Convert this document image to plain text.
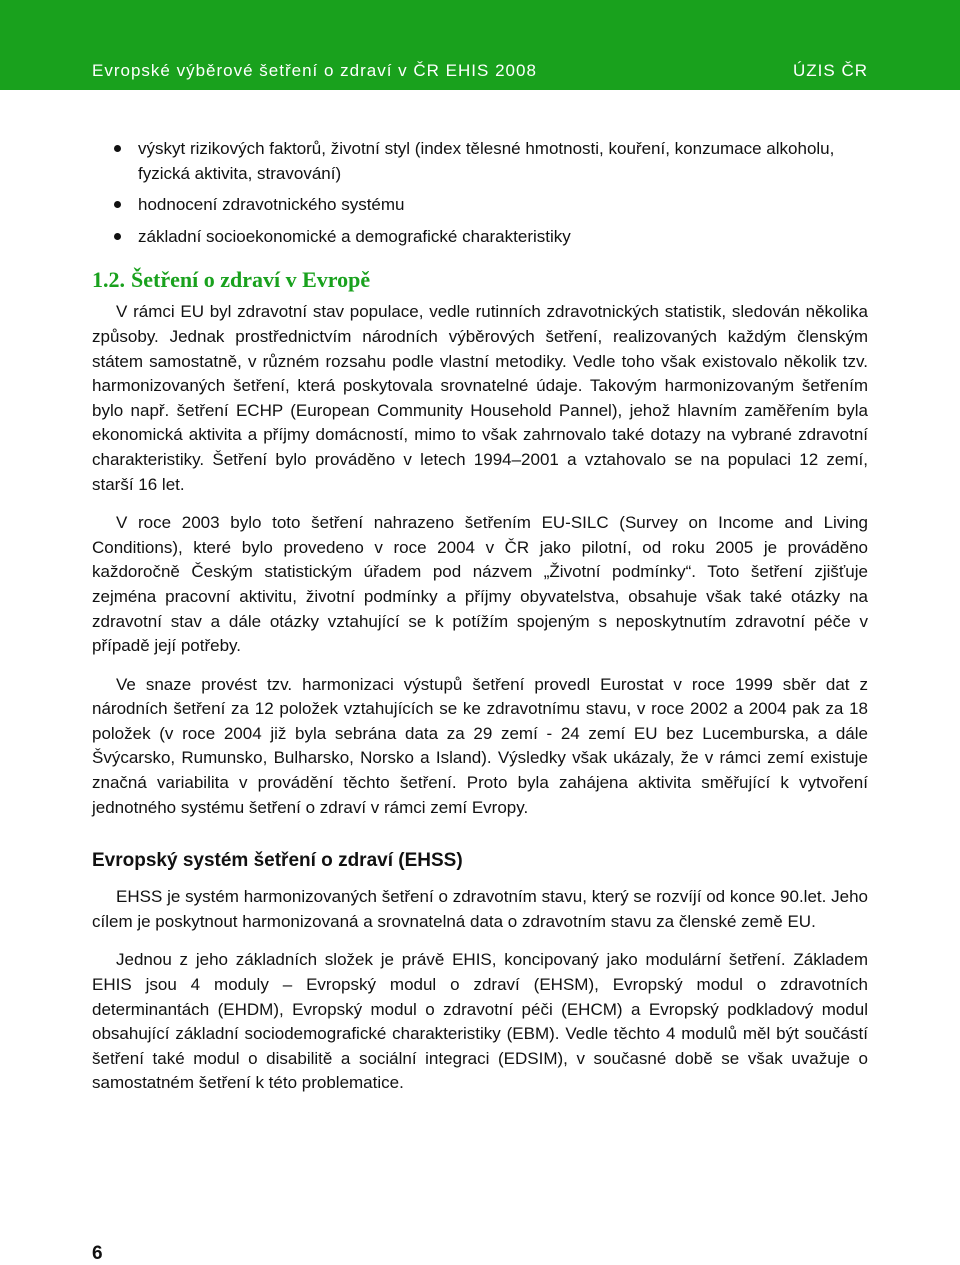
Evropské výběrové šetření o zdraví v ČR EHIS 2008	ÚZIS ČR
výskyt rizikových faktorů, životní styl (index tělesné hmotnosti, kouření, konzumace alkoholu, fyzická aktivita, stravování)
hodnocení zdravotnického systému
základní socioekonomické a demografické charakteristiky
1.2. Šetření o zdraví v Evropě

V rámci EU byl zdravotní stav populace, vedle rutinních zdravotnických statistik, sledován několika způsoby. Jednak prostřednictvím národních výběrových šetření, realizovaných každým členským státem samostatně, v různém rozsahu podle vlastní metodiky. Vedle toho však existovalo několik tzv. harmonizovaných šetření, která poskytovala srovnatelné údaje. Takovým harmonizovaným šetřením bylo např. šetření ECHP (European Community Household Pannel), jehož hlavním zaměřením byla ekonomická aktivita a příjmy domácností, mimo to však zahrnovalo také dotazy na vybrané zdravotní charakteristiky. Šetření bylo prováděno v letech 1994–2001 a vztahovalo se na populaci 12 zemí, starší 16 let.

V roce 2003 bylo toto šetření nahrazeno šetřením EU-SILC (Survey on Income and Living Conditions), které bylo provedeno v roce 2004 v ČR jako pilotní, od roku 2005 je prováděno každoročně Českým statistickým úřadem pod názvem „Životní podmínky“. Toto šetření zjišťuje zejména pracovní aktivitu, životní podmínky a příjmy obyvatelstva, obsahuje však také otázky na zdravotní stav a dále otázky vztahující se k potížím spojeným s neposkytnutím zdravotní péče v případě její potřeby.

Ve snaze provést tzv. harmonizaci výstupů šetření provedl Eurostat v roce 1999 sběr dat z národních šetření za 12 položek vztahujících se ke zdravotnímu stavu, v roce 2002 a 2004 pak za 18 položek (v roce 2004 již byla sebrána data za 29 zemí - 24 zemí EU bez Lucemburska, a dále Švýcarsko, Rumunsko, Bulharsko, Norsko a Island). Výsledky však ukázaly, že v rámci zemí existuje značná variabilita v provádění těchto šetření. Proto byla zahájena aktivita směřující k vytvoření jednotného systému šetření o zdraví v rámci zemí Evropy.

Evropský systém šetření o zdraví (EHSS)

EHSS je systém harmonizovaných šetření o zdravotním stavu, který se rozvíjí od konce 90.let. Jeho cílem je poskytnout harmonizovaná a srovnatelná data o zdravotním stavu za členské země EU.

Jednou z jeho základních složek je právě EHIS, koncipovaný jako modulární šetření. Základem EHIS jsou 4 moduly – Evropský modul o zdraví (EHSM), Evropský modul o zdravotních determinantách (EHDM), Evropský modul o zdravotní péči (EHCM) a Evropský podkladový modul obsahující základní sociodemografické charakteristiky (EBM). Vedle těchto 4 modulů měl být součástí šetření také modul o disabilitě a sociální integraci (EDSIM), v současné době se však uvažuje o samostatném šetření k této problematice.

6
